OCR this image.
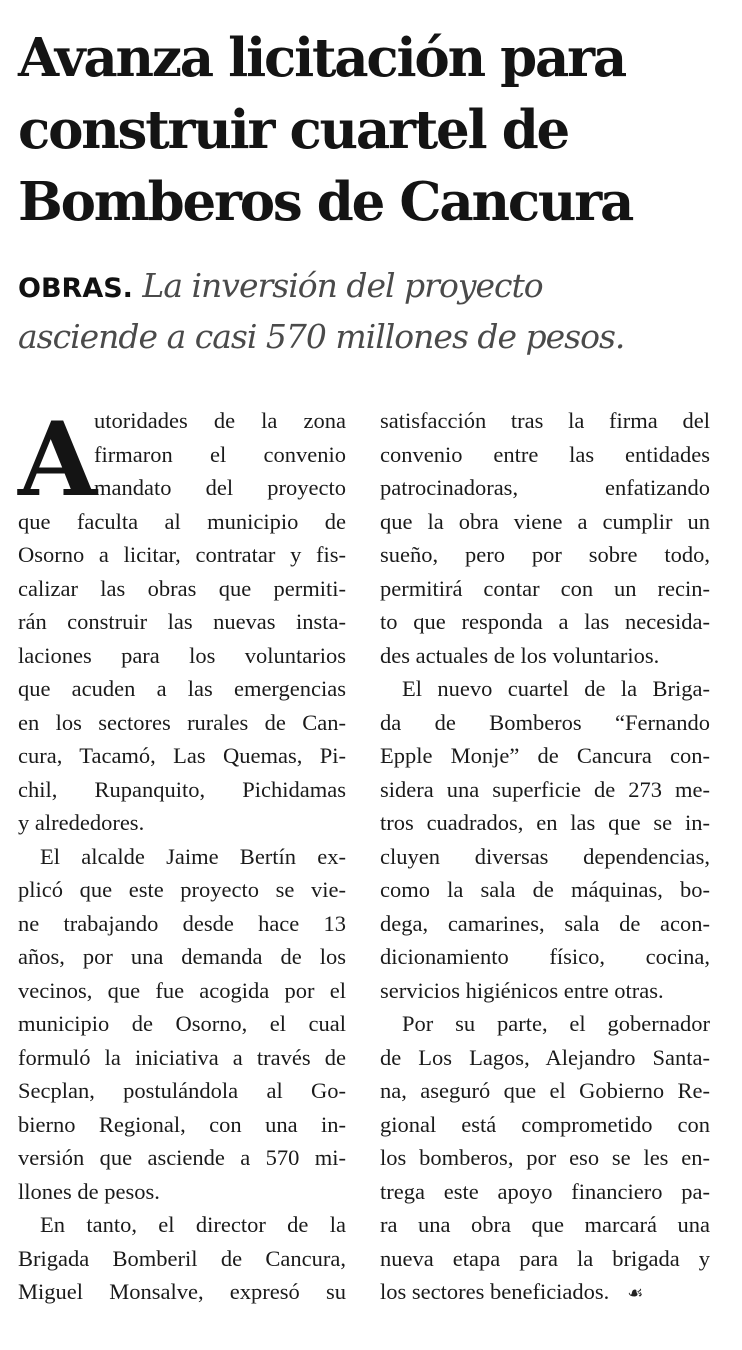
Avanza licitación para
construir cuartel de
Bomberos de Cancura
OBRAS. La inversión del proyecto
asciende a casi 570 millones de pesos.
A
utoridades de la zona
firmaron el convenio
mandato del proyecto
que faculta al municipio de
Osorno a licitar, contratar y fis-
calizar las obras que permiti-
rán construir las nuevas insta-
laciones para los voluntarios
que acuden a las emergencias
en los sectores rurales de Can-
cura, Tacamó, Las Quemas, Pi-
chil, Rupanquito, Pichidamas
y alrededores.
El alcalde Jaime Bertín ex-
plicó que este proyecto se vie-
ne trabajando desde hace 13
años, por una demanda de los
vecinos, que fue acogida por el
municipio de Osorno, el cual
formuló la iniciativa a través de
Secplan, postulándola al Go-
bierno Regional, con una in-
versión que asciende a 570 mi-
llones de pesos.
En tanto, el director de la
Brigada Bomberil de Cancura,
Miguel Monsalve, expresó su
satisfacción tras la firma del
convenio entre las entidades
patrocinadoras, enfatizando
que la obra viene a cumplir un
sueño, pero por sobre todo,
permitirá contar con un recin-
to que responda a las necesida-
des actuales de los voluntarios.
El nuevo cuartel de la Briga-
da de Bomberos “Fernando
Epple Monje” de Cancura con-
sidera una superficie de 273 me-
tros cuadrados, en las que se in-
cluyen diversas dependencias,
como la sala de máquinas, bo-
dega, camarines, sala de acon-
dicionamiento físico, cocina,
servicios higiénicos entre otras.
Por su parte, el gobernador
de Los Lagos, Alejandro Santa-
na, aseguró que el Gobierno Re-
gional está comprometido con
los bomberos, por eso se les en-
trega este apoyo financiero pa-
ra una obra que marcará una
nueva etapa para la brigada y
los sectores beneficiados. ☙
